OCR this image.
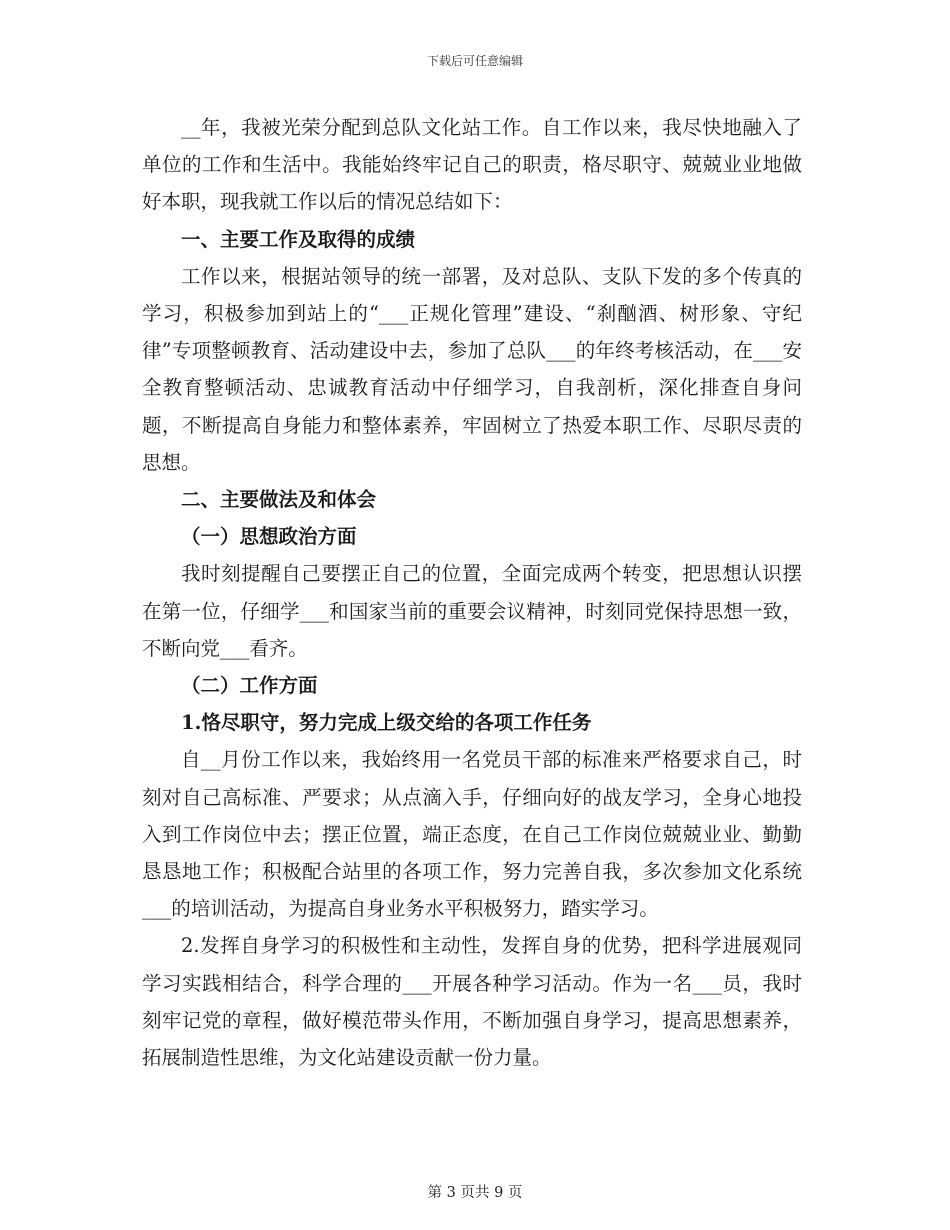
下载后可任意编辑

__年，我被光荣分配到总队文化站工作。自工作以来，我尽快地融入了单位的工作和生活中。我能始终牢记自己的职责，格尽职守、兢兢业业地做好本职，现我就工作以后的情况总结如下：

一、主要工作及取得的成绩

工作以来，根据站领导的统一部署，及对总队、支队下发的多个传真的学习，积极参加到站上的“___正规化管理”建设、“刹酗酒、树形象、守纪律”专项整顿教育、活动建设中去，参加了总队___的年终考核活动，在___安全教育整顿活动、忠诚教育活动中仔细学习，自我剖析，深化排查自身问题，不断提高自身能力和整体素养，牢固树立了热爱本职工作、尽职尽责的思想。

二、主要做法及和体会

（一）思想政治方面

我时刻提醒自己要摆正自己的位置，全面完成两个转变，把思想认识摆在第一位，仔细学___和国家当前的重要会议精神，时刻同党保持思想一致，不断向党___看齐。

（二）工作方面

1.恪尽职守，努力完成上级交给的各项工作任务

自__月份工作以来，我始终用一名党员干部的标准来严格要求自己，时刻对自己高标准、严要求；从点滴入手，仔细向好的战友学习，全身心地投入到工作岗位中去；摆正位置，端正态度，在自己工作岗位兢兢业业、勤勤恳恳地工作；积极配合站里的各项工作，努力完善自我，多次参加文化系统___的培训活动，为提高自身业务水平积极努力，踏实学习。

2.发挥自身学习的积极性和主动性，发挥自身的优势，把科学进展观同学习实践相结合，科学合理的___开展各种学习活动。作为一名___员，我时刻牢记党的章程，做好模范带头作用，不断加强自身学习，提高思想素养，拓展制造性思维，为文化站建设贡献一份力量。

第 3 页共 9 页
